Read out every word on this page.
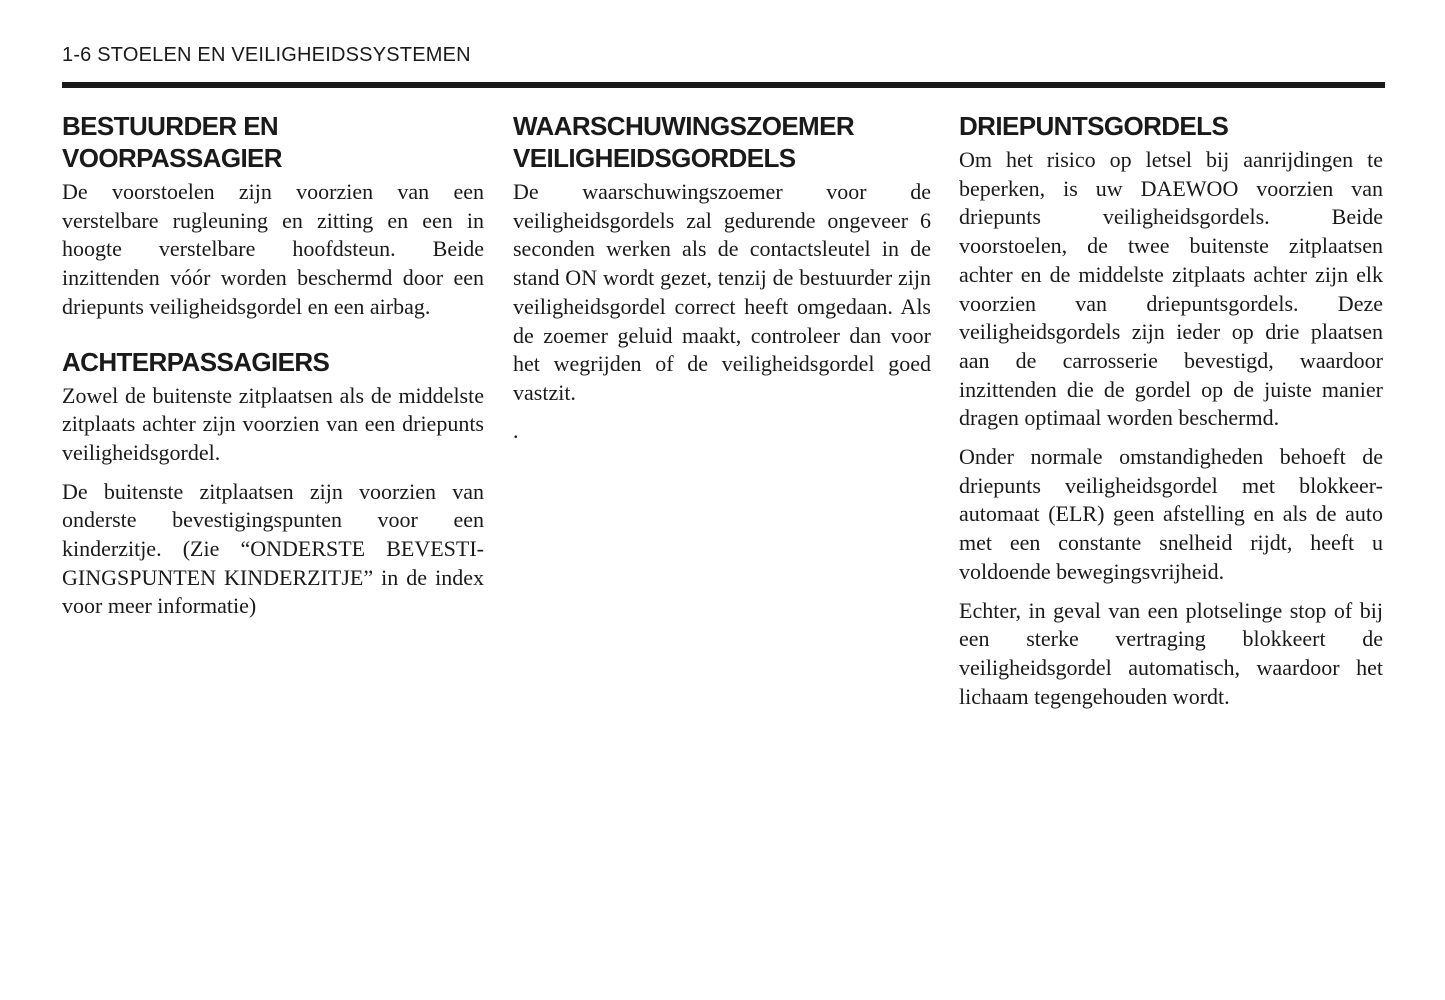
1-6 STOELEN EN VEILIGHEIDSSYSTEMEN
BESTUURDER EN VOORPASSAGIER

De voorstoelen zijn voorzien van een verstelbare rugleuning en zitting en een in hoogte verstelbare hoofdsteun. Beide inzittenden vóór worden beschermd door een driepunts veiligheidsgordel en een airbag.

ACHTERPASSAGIERS

Zowel de buitenste zitplaatsen als de middelste zitplaats achter zijn voorzien van een driepunts veiligheidsgordel.

De buitenste zitplaatsen zijn voorzien van onderste bevestigingspunten voor een kinderzitje. (Zie “ONDERSTE BEVESTI-GINGSPUNTEN KINDERZITJE” in de index voor meer informatie)

WAARSCHUWINGSZOEMER VEILIGHEIDSGORDELS

De waarschuwingszoemer voor de veiligheidsgordels zal gedurende ongeveer 6 seconden werken als de contactsleutel in de stand ON wordt gezet, tenzij de bestuurder zijn veiligheidsgordel correct heeft omgedaan. Als de zoemer geluid maakt, controleer dan voor het wegrijden of de veiligheidsgordel goed vastzit.

.
DRIEPUNTSGORDELS

Om het risico op letsel bij aanrijdingen te beperken, is uw DAEWOO voorzien van driepunts veiligheidsgordels. Beide voorstoelen, de twee buitenste zitplaatsen achter en de middelste zitplaats achter zijn elk voorzien van driepuntsgordels. Deze veiligheidsgordels zijn ieder op drie plaatsen aan de carrosserie bevestigd, waardoor inzittenden die de gordel op de juiste manier dragen optimaal worden beschermd.

Onder normale omstandigheden behoeft de driepunts veiligheidsgordel met blokkeer-automaat (ELR) geen afstelling en als de auto met een constante snelheid rijdt, heeft u voldoende bewegingsvrijheid.

Echter, in geval van een plotselinge stop of bij een sterke vertraging blokkeert de veiligheidsgordel automatisch, waardoor het lichaam tegengehouden wordt.
